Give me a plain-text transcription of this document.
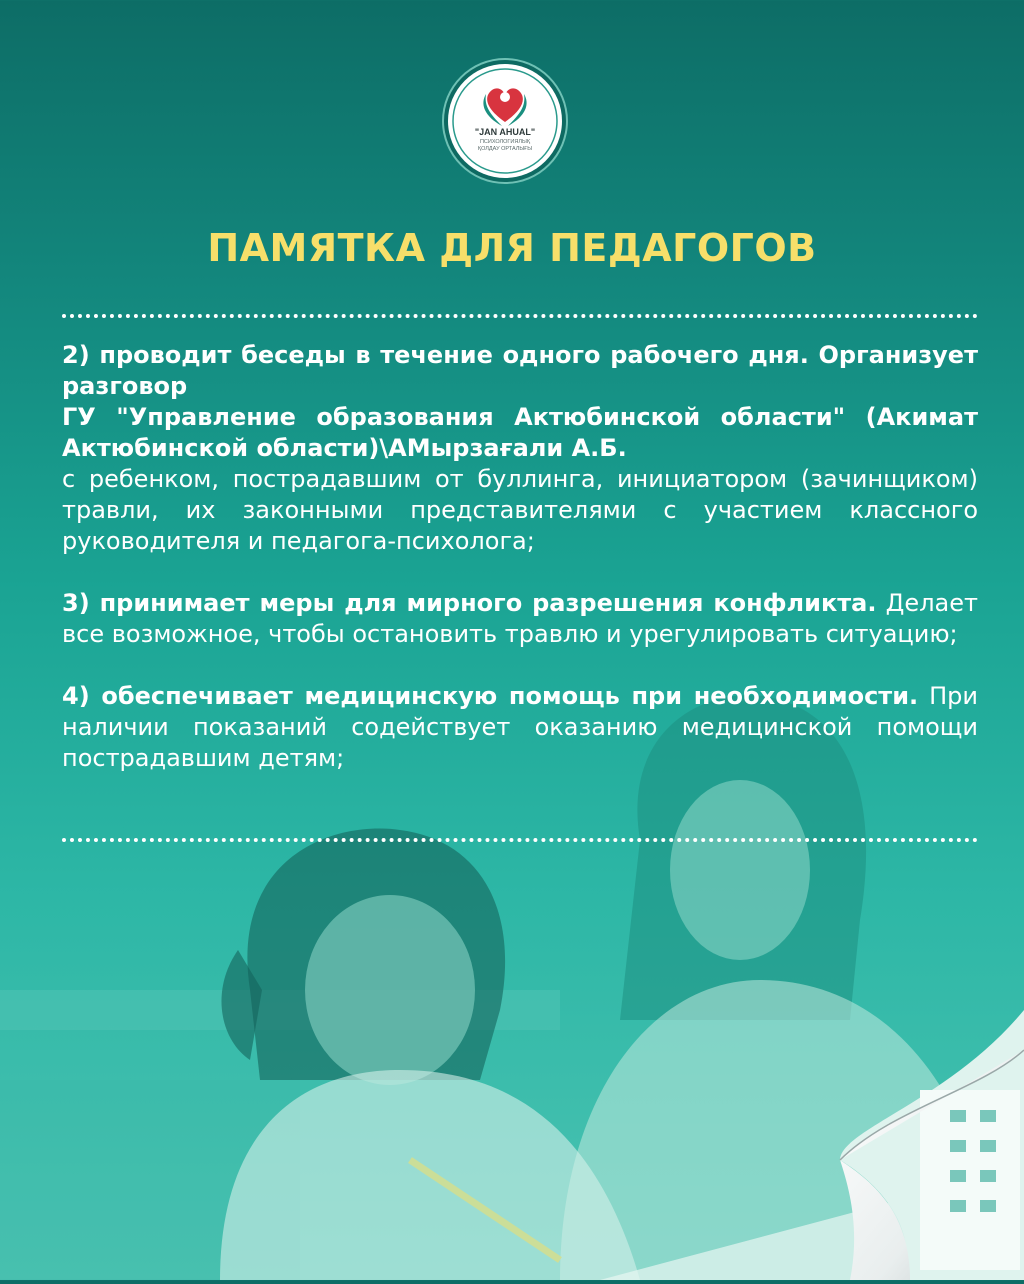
"JAN AHUAL"
ПСИХОЛОГИЯЛЫҚ
ҚОЛДАУ ОРТАЛЫҒЫ
ПАМЯТКА ДЛЯ ПЕДАГОГОВ

2) проводит беседы в течение одного рабочего дня. Организует разговор
ГУ "Управление образования Актюбинской области" (Акимат Актюбинской области)\АМырзағали А.Б.
с ребенком, пострадавшим от буллинга, инициатором (зачинщиком) травли, их законными представителями с участием классного руководителя и педагога-психолога;

3) принимает меры для мирного разрешения конфликта. Делает все возможное, чтобы остановить травлю и урегулировать ситуацию;

4) обеспечивает медицинскую помощь при необходимости. При наличии показаний содействует оказанию медицинской помощи пострадавшим детям;
